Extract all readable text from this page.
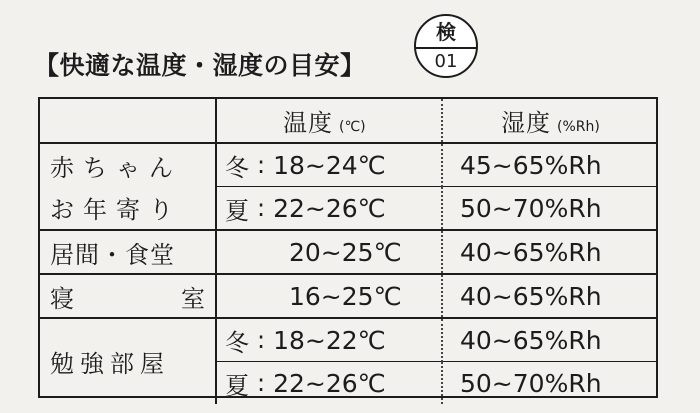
【快適な温度・湿度の目安】
検
01

	温度 (℃)	湿度 (%Rh)

赤ちゃん	冬 : 18~24℃	45~65%Rh

お年寄り	夏 : 22~26℃	50~70%Rh

居間・食堂	20~25℃	40~65%Rh

寝 室	16~25℃	40~65%Rh

勉強部屋	冬 : 18~22℃	40~65%Rh

	夏 : 22~26℃	50~70%Rh
